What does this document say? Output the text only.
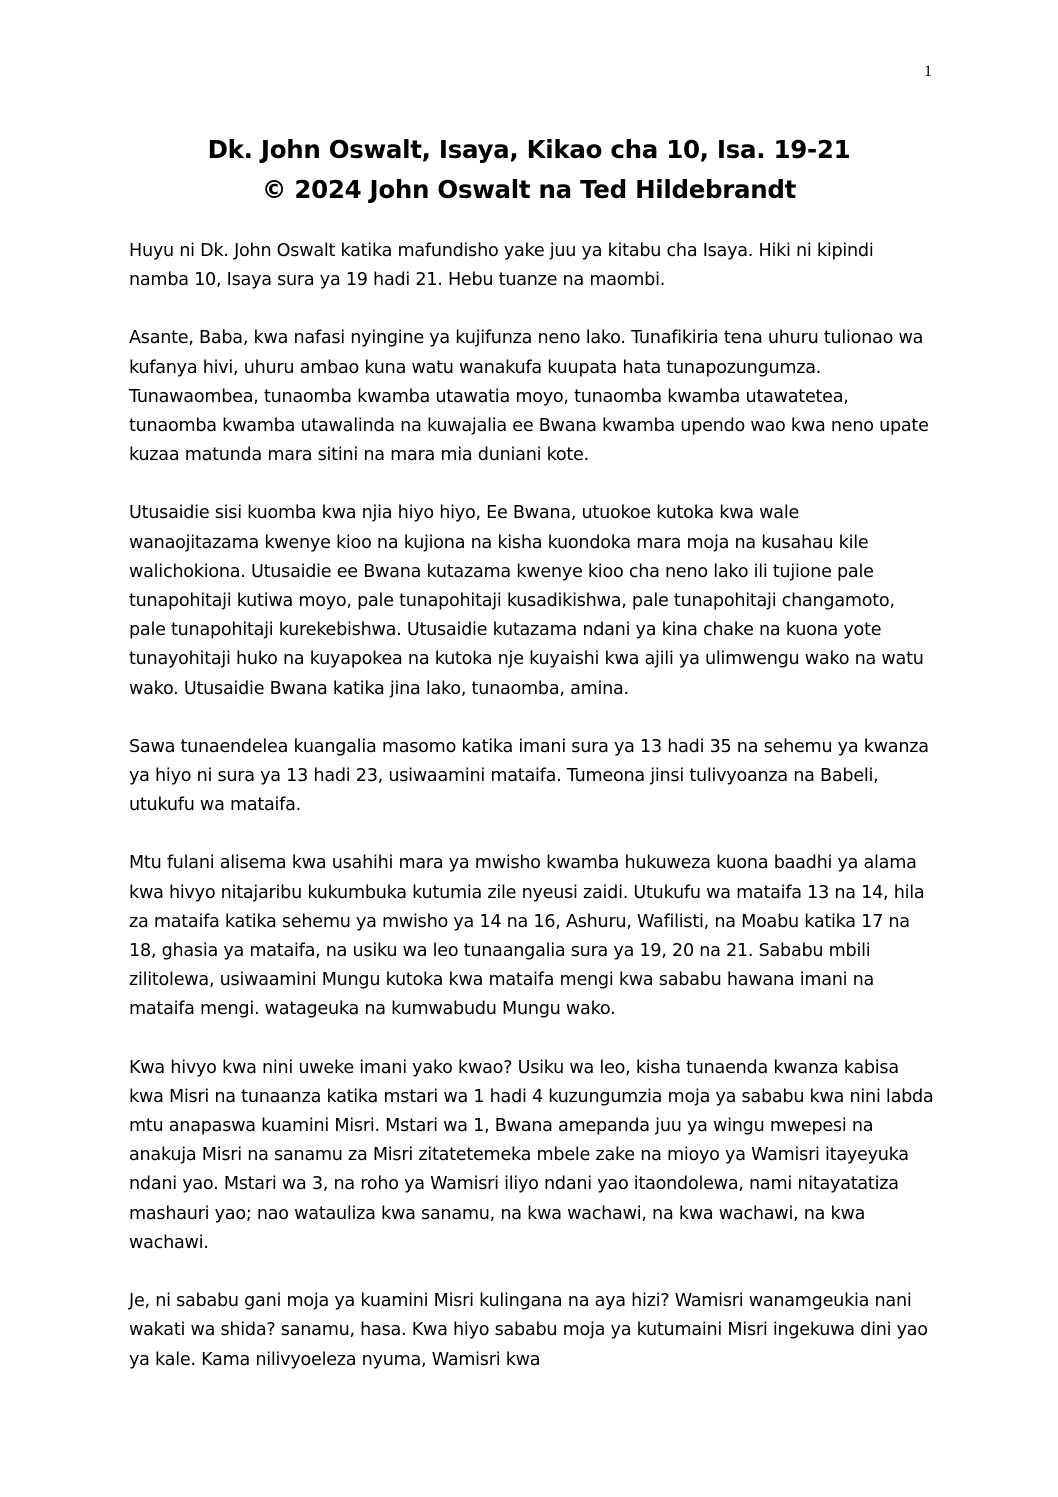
1
Dk. John Oswalt, Isaya, Kikao cha 10, Isa. 19-21
© 2024 John Oswalt na Ted Hildebrandt

Huyu ni Dk. John Oswalt katika mafundisho yake juu ya kitabu cha Isaya. Hiki ni kipindi namba 10, Isaya sura ya 19 hadi 21. Hebu tuanze na maombi.

Asante, Baba, kwa nafasi nyingine ya kujifunza neno lako. Tunafikiria tena uhuru tulionao wa kufanya hivi, uhuru ambao kuna watu wanakufa kuupata hata tunapozungumza. Tunawaombea, tunaomba kwamba utawatia moyo, tunaomba kwamba utawatetea, tunaomba kwamba utawalinda na kuwajalia ee Bwana kwamba upendo wao kwa neno upate kuzaa matunda mara sitini na mara mia duniani kote.

Utusaidie sisi kuomba kwa njia hiyo hiyo, Ee Bwana, utuokoe kutoka kwa wale wanaojitazama kwenye kioo na kujiona na kisha kuondoka mara moja na kusahau kile walichokiona. Utusaidie ee Bwana kutazama kwenye kioo cha neno lako ili tujione pale tunapohitaji kutiwa moyo, pale tunapohitaji kusadikishwa, pale tunapohitaji changamoto, pale tunapohitaji kurekebishwa. Utusaidie kutazama ndani ya kina chake na kuona yote tunayohitaji huko na kuyapokea na kutoka nje kuyaishi kwa ajili ya ulimwengu wako na watu wako. Utusaidie Bwana katika jina lako, tunaomba, amina.

Sawa tunaendelea kuangalia masomo katika imani sura ya 13 hadi 35 na sehemu ya kwanza ya hiyo ni sura ya 13 hadi 23, usiwaamini mataifa. Tumeona jinsi tulivyoanza na Babeli, utukufu wa mataifa.

Mtu fulani alisema kwa usahihi mara ya mwisho kwamba hukuweza kuona baadhi ya alama kwa hivyo nitajaribu kukumbuka kutumia zile nyeusi zaidi. Utukufu wa mataifa 13 na 14, hila za mataifa katika sehemu ya mwisho ya 14 na 16, Ashuru, Wafilisti, na Moabu katika 17 na 18, ghasia ya mataifa, na usiku wa leo tunaangalia sura ya 19, 20 na 21. Sababu mbili zilitolewa, usiwaamini Mungu kutoka kwa mataifa mengi kwa sababu hawana imani na mataifa mengi. watageuka na kumwabudu Mungu wako.

Kwa hivyo kwa nini uweke imani yako kwao? Usiku wa leo, kisha tunaenda kwanza kabisa kwa Misri na tunaanza katika mstari wa 1 hadi 4 kuzungumzia moja ya sababu kwa nini labda mtu anapaswa kuamini Misri. Mstari wa 1, Bwana amepanda juu ya wingu mwepesi na anakuja Misri na sanamu za Misri zitatetemeka mbele zake na mioyo ya Wamisri itayeyuka ndani yao. Mstari wa 3, na roho ya Wamisri iliyo ndani yao itaondolewa, nami nitayatatiza mashauri yao; nao watauliza kwa sanamu, na kwa wachawi, na kwa wachawi, na kwa wachawi.

Je, ni sababu gani moja ya kuamini Misri kulingana na aya hizi? Wamisri wanamgeukia nani wakati wa shida? sanamu, hasa. Kwa hiyo sababu moja ya kutumaini Misri ingekuwa dini yao ya kale. Kama nilivyoeleza nyuma, Wamisri kwa
